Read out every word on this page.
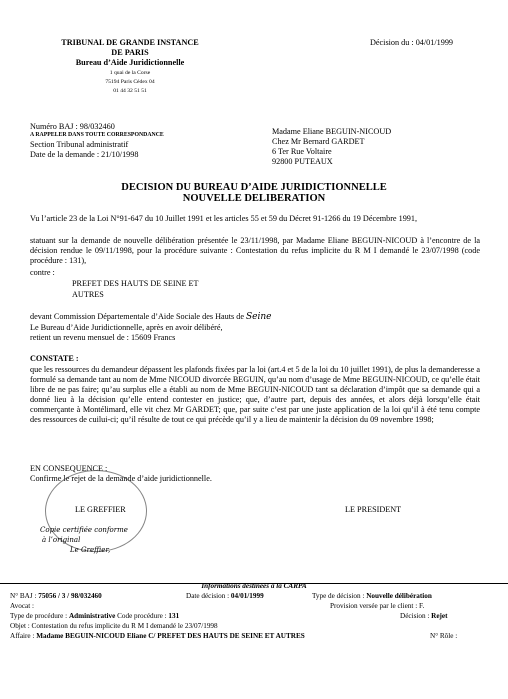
TRIBUNAL DE GRANDE INSTANCE
DE PARIS
Bureau d’Aide Juridictionnelle
1 quai de la Corse
75194 Paris Cédex 04
01 44 32 51 51
Décision du : 04/01/1999
Numéro BAJ : 98/032460
A RAPPELER DANS TOUTE CORRESPONDANCE
Section Tribunal administratif
Date de la demande : 21/10/1998
Madame Eliane BEGUIN-NICOUD
Chez Mr Bernard GARDET
6 Ter Rue Voltaire
92800 PUTEAUX
DECISION DU BUREAU D’AIDE JURIDICTIONNELLE
NOUVELLE DELIBERATION
Vu l’article 23 de la Loi N°91-647 du 10 Juillet 1991 et les articles 55 et 59 du Décret 91-1266 du 19 Décembre 1991,
statuant sur la demande de nouvelle délibération présentée le 23/11/1998, par Madame Eliane BEGUIN-NICOUD à l’encontre de la décision rendue le 09/11/1998, pour la procédure suivante : Contestation du refus implicite du R M I demandé le 23/07/1998 (code procédure : 131),
contre :
PREFET DES HAUTS DE SEINE ET
AUTRES
devant Commission Départementale d’Aide Sociale des Hauts de Seine
Le Bureau d’Aide Juridictionnelle, après en avoir délibéré,
retient un revenu mensuel de : 15609 Francs
CONSTATE :
que les ressources du demandeur dépassent les plafonds fixées par la loi (art.4 et 5 de la loi du 10 juillet 1991), de plus la demanderesse a formulé sa demande tant au nom de Mme NICOUD divorcée BEGUIN, qu’au nom d’usage de Mme BEGUIN-NICOUD, ce qu’elle était libre de ne pas faire; qu’au surplus elle a établi au nom de Mme BEGUIN-NICOUD tant sa déclaration d’impôt que sa demande qui a donné lieu à la décision qu’elle entend contester en justice; que, d’autre part, depuis des années, et alors déjà lorsqu’elle était commerçante à Montélimard, elle vit chez Mr GARDET; que, par suite c’est par une juste application de la loi qu’il à été tenu compte des ressources de cuilui-ci; qu’il résulte de tout ce qui précède qu’il y a lieu de maintenir la décision du 09 novembre 1998;
EN CONSEQUENCE :
Confirme le rejet de la demande d’aide juridictionnelle.
LE GREFFIER	LE PRESIDENT
Copie certifiée conforme
à l’original
Le Greffier,
Informations destinées à la CARPA
N° BAJ : 75056 / 3 / 98/032460	Date décision : 04/01/1999	Type de décision : Nouvelle délibération
Avocat :	Provision versée par le client : F.
Type de procédure : Administrative Code procédure : 131	Décision : Rejet
Objet : Contestation du refus implicite du R M I demandé le 23/07/1998
Affaire : Madame BEGUIN-NICOUD Eliane C/ PREFET DES HAUTS DE SEINE ET AUTRES	N° Rôle :
